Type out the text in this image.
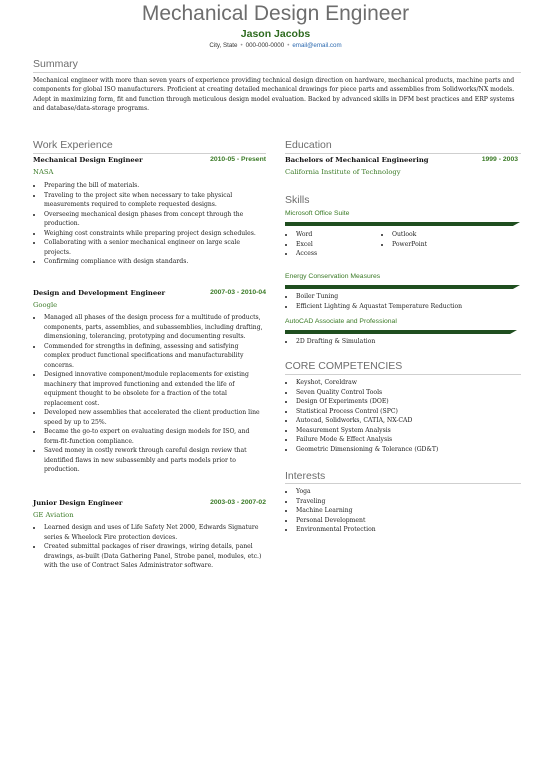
Mechanical Design Engineer
Jason Jacobs
City, State • 000-000-0000 • email@email.com
Summary

Mechanical engineer with more than seven years of experience providing technical design direction on hardware, mechanical products, machine parts and components for global ISO manufacturers. Proficient at creating detailed mechanical drawings for piece parts and assemblies from Solidworks/NX models. Adept in maximizing form, fit and function through meticulous design model evaluation. Backed by advanced skills in DFM best practices and ERP systems and database/data-storage programs.

Work Experience
Mechanical Design Engineer	2010-05 - Present
NASA
• Preparing the bill of materials.
• Traveling to the project site when necessary to take physical measurements required to complete requested designs.
• Overseeing mechanical design phases from concept through the production.
• Weighing cost constraints while preparing project design schedules.
• Collaborating with a senior mechanical engineer on large scale projects.
• Confirming compliance with design standards.
Design and Development Engineer	2007-03 - 2010-04
Google
• Managed all phases of the design process for a multitude of products, components, parts, assemblies, and subassemblies, including drafting, dimensioning, tolerancing, prototyping and documenting results.
• Commended for strengths in defining, assessing and satisfying complex product functional specifications and manufacturability concerns.
• Designed innovative component/module replacements for existing machinery that improved functioning and extended the life of equipment thought to be obsolete for a fraction of the total replacement cost.
• Developed new assemblies that accelerated the client production line speed by up to 25%.
• Became the go-to expert on evaluating design models for ISO, and form-fit-function compliance.
• Saved money in costly rework through careful design review that identified flaws in new subassembly and parts models prior to production.
Junior Design Engineer	2003-03 - 2007-02
GE Aviation
• Learned design and uses of Life Safety Net 2000, Edwards Signature series & Wheelock Fire protection devices.
• Created submittal packages of riser drawings, wiring details, panel drawings, as-built (Data Gathering Panel, Strobe panel, modules, etc.) with the use of Contract Sales Administrator software.
Education
Bachelors of Mechanical Engineering	1999 - 2003
California Institute of Technology
Skills
Microsoft Office Suite
• Word
• Excel
• Access
• Outlook
• PowerPoint
Energy Conservation Measures
• Boiler Tuning
• Efficient Lighting & Aquastat Temperature Reduction
AutoCAD Associate and Professional
• 2D Drafting & Simulation
CORE COMPETENCIES
• Keyshot, Coreldraw
• Seven Quality Control Tools
• Design Of Experiments (DOE)
• Statistical Process Control (SPC)
• Autocad, Solidworks, CATIA, NX-CAD
• Measurement System Analysis
• Failure Mode & Effect Analysis
• Geometric Dimensioning & Tolerance (GD&T)
Interests
• Yoga
• Traveling
• Machine Learning
• Personal Development
• Environmental Protection
